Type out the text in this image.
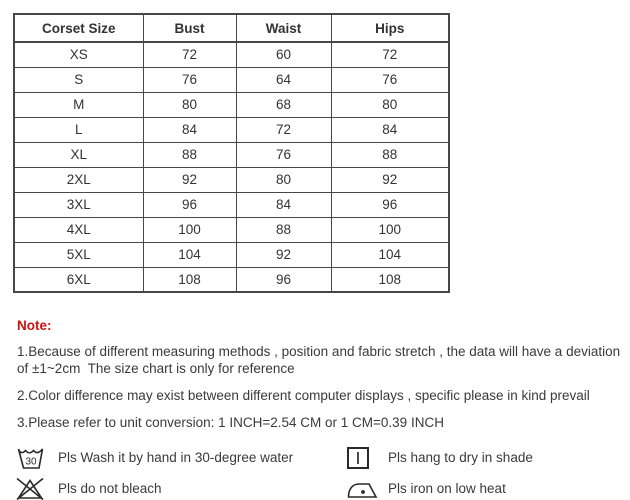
Corset Size	Bust	Waist	Hips
XS	72	60	72
S	76	64	76
M	80	68	80
L	84	72	84
XL	88	76	88
2XL	92	80	92
3XL	96	84	96
4XL	100	88	100
5XL	104	92	104
6XL	108	96	108
Note:

1.Because of different measuring methods , position and fabric stretch , the data will have a deviation of ±1~2cm  The size chart is only for reference

2.Color difference may exist between different computer displays , specific please in kind prevail

3.Please refer to unit conversion: 1 INCH=2.54 CM or 1 CM=0.39 INCH

30 Pls Wash it by hand in 30-degree water	Pls hang to dry in shade
Pls do not bleach	Pls iron on low heat
